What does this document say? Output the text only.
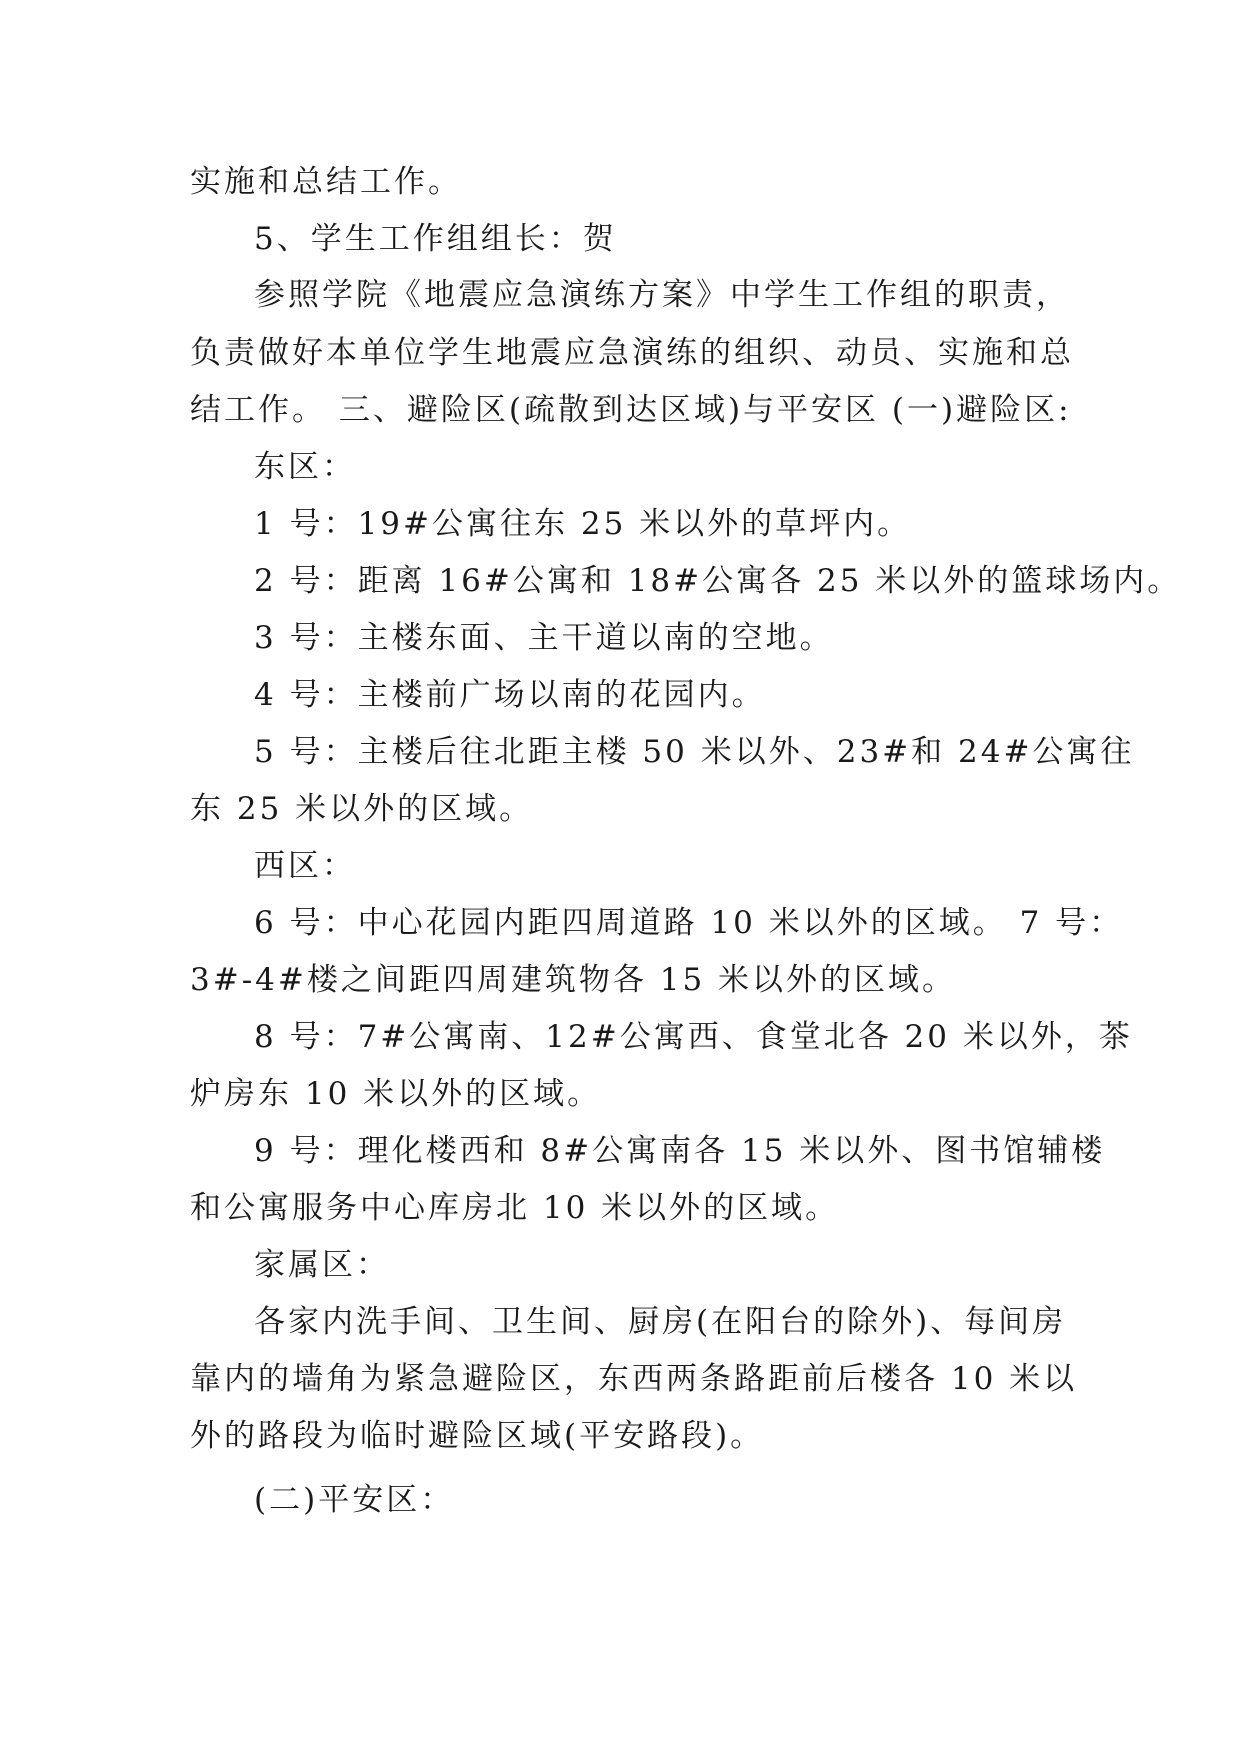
实施和总结工作。

5、学生工作组组长：贺

参照学院《地震应急演练方案》中学生工作组的职责，

负责做好本单位学生地震应急演练的组织、动员、实施和总

结工作。 三、避险区(疏散到达区域)与平安区 (一)避险区:

东区：

1 号：19#公寓往东 25 米以外的草坪内。

2 号：距离 16#公寓和 18#公寓各 25 米以外的篮球场内。

3 号：主楼东面、主干道以南的空地。

4 号：主楼前广场以南的花园内。

5 号：主楼后往北距主楼 50 米以外、23#和 24#公寓往

东 25 米以外的区域。

西区：

6 号：中心花园内距四周道路 10 米以外的区域。 7 号：

3#-4#楼之间距四周建筑物各 15 米以外的区域。

8 号：7#公寓南、12#公寓西、食堂北各 20 米以外，茶

炉房东 10 米以外的区域。

9 号：理化楼西和 8#公寓南各 15 米以外、图书馆辅楼

和公寓服务中心库房北 10 米以外的区域。

家属区：

各家内洗手间、卫生间、厨房(在阳台的除外)、每间房

靠内的墙角为紧急避险区，东西两条路距前后楼各 10 米以

外的路段为临时避险区域(平安路段)。

(二)平安区：
